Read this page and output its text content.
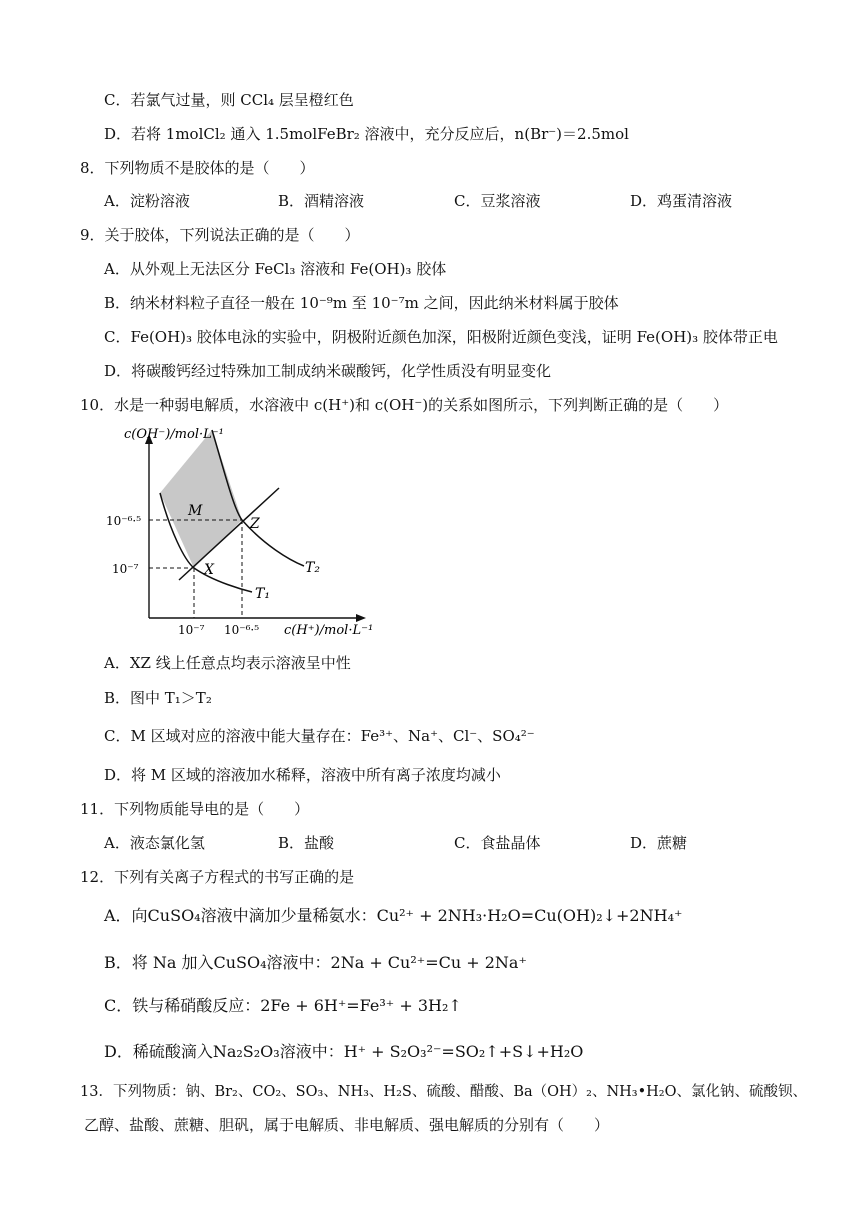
C．若氯气过量，则 CCl₄ 层呈橙红色
D．若将 1molCl₂ 通入 1.5molFeBr₂ 溶液中，充分反应后，n(Br⁻)＝2.5mol
8．下列物质不是胶体的是（　　）
A．淀粉溶液	B．酒精溶液	C．豆浆溶液	D．鸡蛋清溶液
9．关于胶体，下列说法正确的是（　　）
A．从外观上无法区分 FeCl₃ 溶液和 Fe(OH)₃ 胶体
B．纳米材料粒子直径一般在 10⁻⁹m 至 10⁻⁷m 之间，因此纳米材料属于胶体
C．Fe(OH)₃ 胶体电泳的实验中，阴极附近颜色加深，阳极附近颜色变浅，证明 Fe(OH)₃ 胶体带正电
D．将碳酸钙经过特殊加工制成纳米碳酸钙，化学性质没有明显变化
10．水是一种弱电解质，水溶液中 c(H⁺)和 c(OH⁻)的关系如图所示，下列判断正确的是（　　）
c(OH⁻)/mol·L⁻¹
c(H⁺)/mol·L⁻¹
10⁻⁶·⁵
10⁻⁷
10⁻⁷ 10⁻⁶·⁵
M
X
Z
T₁
T₂
A．XZ 线上任意点均表示溶液呈中性
B．图中 T₁＞T₂
C．M 区域对应的溶液中能大量存在：Fe³⁺、Na⁺、Cl⁻、SO₄²⁻
D．将 M 区域的溶液加水稀释，溶液中所有离子浓度均减小
11．下列物质能导电的是（　　）
A．液态氯化氢	B．盐酸	C．食盐晶体	D．蔗糖
12．下列有关离子方程式的书写正确的是
A．向CuSO₄溶液中滴加少量稀氨水：Cu²⁺ + 2NH₃·H₂O=Cu(OH)₂↓+2NH₄⁺
B．将 Na 加入CuSO₄溶液中：2Na + Cu²⁺=Cu + 2Na⁺
C．铁与稀硝酸反应：2Fe + 6H⁺=Fe³⁺ + 3H₂↑
D．稀硫酸滴入Na₂S₂O₃溶液中：H⁺ + S₂O₃²⁻=SO₂↑+S↓+H₂O
13．下列物质：钠、Br₂、CO₂、SO₃、NH₃、H₂S、硫酸、醋酸、Ba（OH）₂、NH₃•H₂O、氯化钠、硫酸钡、
乙醇、盐酸、蔗糖、胆矾，属于电解质、非电解质、强电解质的分别有（　　）
